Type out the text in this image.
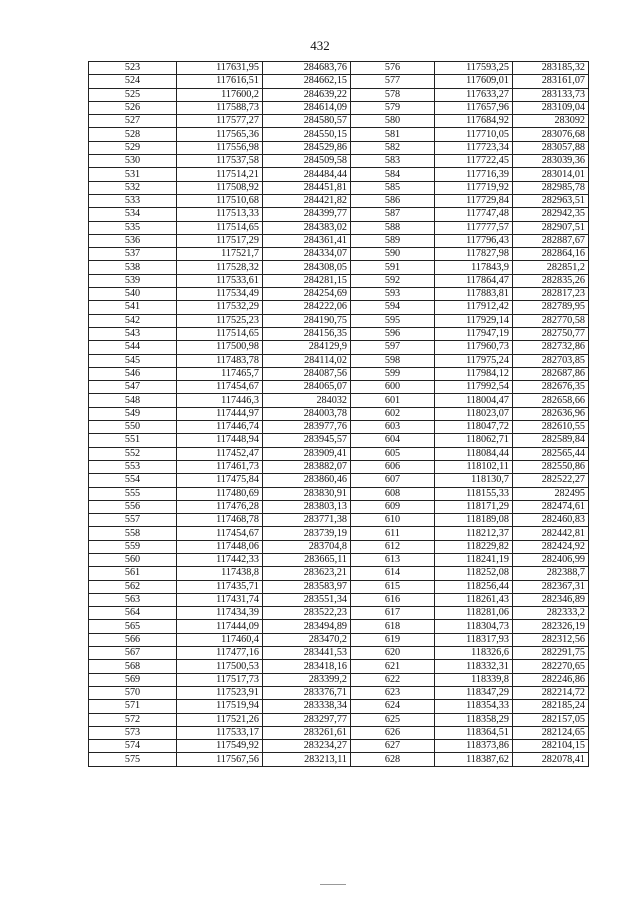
432
523	117631,95	284683,76	576	117593,25	283185,32
524	117616,51	284662,15	577	117609,01	283161,07
525	117600,2	284639,22	578	117633,27	283133,73
526	117588,73	284614,09	579	117657,96	283109,04
527	117577,27	284580,57	580	117684,92	283092
528	117565,36	284550,15	581	117710,05	283076,68
529	117556,98	284529,86	582	117723,34	283057,88
530	117537,58	284509,58	583	117722,45	283039,36
531	117514,21	284484,44	584	117716,39	283014,01
532	117508,92	284451,81	585	117719,92	282985,78
533	117510,68	284421,82	586	117729,84	282963,51
534	117513,33	284399,77	587	117747,48	282942,35
535	117514,65	284383,02	588	117777,57	282907,51
536	117517,29	284361,41	589	117796,43	282887,67
537	117521,7	284334,07	590	117827,98	282864,16
538	117528,32	284308,05	591	117843,9	282851,2
539	117533,61	284281,15	592	117864,47	282835,26
540	117534,49	284254,69	593	117883,81	282817,23
541	117532,29	284222,06	594	117912,42	282789,95
542	117525,23	284190,75	595	117929,14	282770,58
543	117514,65	284156,35	596	117947,19	282750,77
544	117500,98	284129,9	597	117960,73	282732,86
545	117483,78	284114,02	598	117975,24	282703,85
546	117465,7	284087,56	599	117984,12	282687,86
547	117454,67	284065,07	600	117992,54	282676,35
548	117446,3	284032	601	118004,47	282658,66
549	117444,97	284003,78	602	118023,07	282636,96
550	117446,74	283977,76	603	118047,72	282610,55
551	117448,94	283945,57	604	118062,71	282589,84
552	117452,47	283909,41	605	118084,44	282565,44
553	117461,73	283882,07	606	118102,11	282550,86
554	117475,84	283860,46	607	118130,7	282522,27
555	117480,69	283830,91	608	118155,33	282495
556	117476,28	283803,13	609	118171,29	282474,61
557	117468,78	283771,38	610	118189,08	282460,83
558	117454,67	283739,19	611	118212,37	282442,81
559	117448,06	283704,8	612	118229,82	282424,92
560	117442,33	283665,11	613	118241,19	282406,99
561	117438,8	283623,21	614	118252,08	282388,7
562	117435,71	283583,97	615	118256,44	282367,31
563	117431,74	283551,34	616	118261,43	282346,89
564	117434,39	283522,23	617	118281,06	282333,2
565	117444,09	283494,89	618	118304,73	282326,19
566	117460,4	283470,2	619	118317,93	282312,56
567	117477,16	283441,53	620	118326,6	282291,75
568	117500,53	283418,16	621	118332,31	282270,65
569	117517,73	283399,2	622	118339,8	282246,86
570	117523,91	283376,71	623	118347,29	282214,72
571	117519,94	283338,34	624	118354,33	282185,24
572	117521,26	283297,77	625	118358,29	282157,05
573	117533,17	283261,61	626	118364,51	282124,65
574	117549,92	283234,27	627	118373,86	282104,15
575	117567,56	283213,11	628	118387,62	282078,41
